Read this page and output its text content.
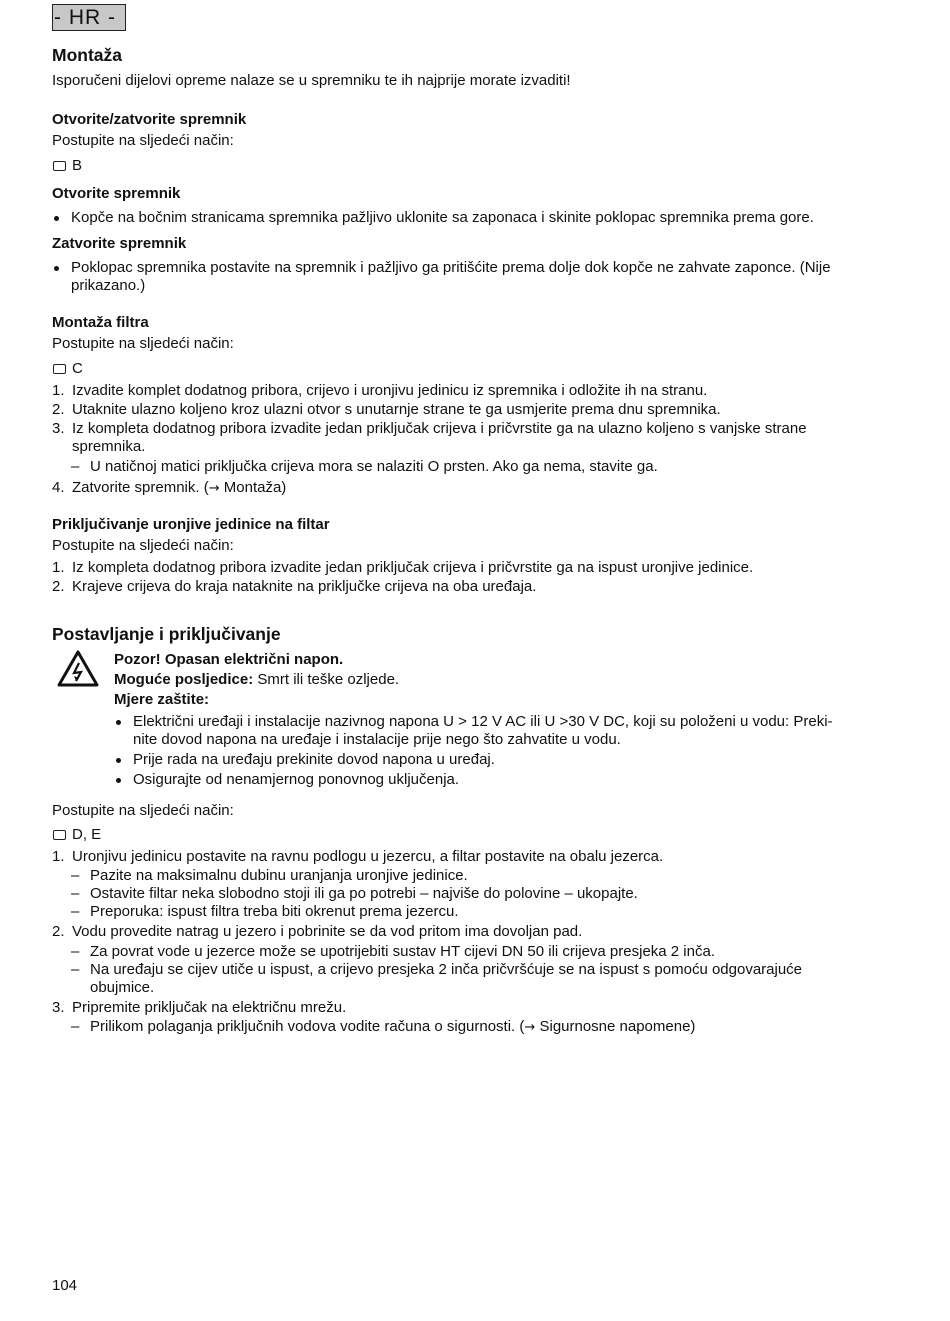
- HR -
Montaža
Isporučeni dijelovi opreme nalaze se u spremniku te ih najprije morate izvaditi!
Otvorite/zatvorite spremnik
Postupite na sljedeći način:
B
Otvorite spremnik
Kopče na bočnim stranicama spremnika pažljivo uklonite sa zaponaca i skinite poklopac spremnika prema gore.
Zatvorite spremnik
Poklopac spremnika postavite na spremnik i pažljivo ga pritišćite prema dolje dok kopče ne zahvate zaponce. (Nije
prikazano.)
Montaža filtra
Postupite na sljedeći način:
C
1. Izvadite komplet dodatnog pribora, crijevo i uronjivu jedinicu iz spremnika i odložite ih na stranu.
2. Utaknite ulazno koljeno kroz ulazni otvor s unutarnje strane te ga usmjerite prema dnu spremnika.
3. Iz kompleta dodatnog pribora izvadite jedan priključak crijeva i pričvrstite ga na ulazno koljeno s vanjske strane
spremnika.
– U natičnoj matici priključka crijeva mora se nalaziti O prsten. Ako ga nema, stavite ga.
4. Zatvorite spremnik. (→ Montaža)
Priključivanje uronjive jedinice na filtar
Postupite na sljedeći način:
1. Iz kompleta dodatnog pribora izvadite jedan priključak crijeva i pričvrstite ga na ispust uronjive jedinice.
2. Krajeve crijeva do kraja nataknite na priključke crijeva na oba uređaja.
Postavljanje i priključivanje
Pozor! Opasan električni napon.
Moguće posljedice: Smrt ili teške ozljede.
Mjere zaštite:
Električni uređaji i instalacije nazivnog napona U > 12 V AC ili U >30 V DC, koji su položeni u vodu: Preki-
nite dovod napona na uređaje i instalacije prije nego što zahvatite u vodu.
Prije rada na uređaju prekinite dovod napona u uređaj.
Osigurajte od nenamjernog ponovnog uključenja.
Postupite na sljedeći način:
D, E
1. Uronjivu jedinicu postavite na ravnu podlogu u jezercu, a filtar postavite na obalu jezerca.
– Pazite na maksimalnu dubinu uranjanja uronjive jedinice.
– Ostavite filtar neka slobodno stoji ili ga po potrebi – najviše do polovine – ukopajte.
– Preporuka: ispust filtra treba biti okrenut prema jezercu.
2. Vodu provedite natrag u jezero i pobrinite se da vod pritom ima dovoljan pad.
– Za povrat vode u jezerce može se upotrijebiti sustav HT cijevi DN 50 ili crijeva presjeka 2 inča.
– Na uređaju se cijev utiče u ispust, a crijevo presjeka 2 inča pričvršćuje se na ispust s pomoću odgovarajuće
obujmice.
3. Pripremite priključak na električnu mrežu.
– Prilikom polaganja priključnih vodova vodite računa o sigurnosti. (→ Sigurnosne napomene)
104
